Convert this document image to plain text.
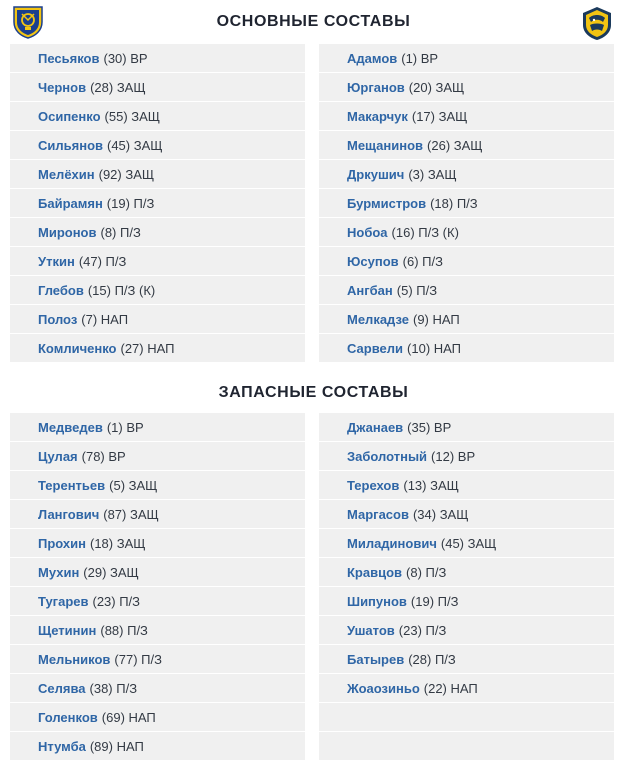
ОСНОВНЫЕ СОСТАВЫ
Песьяков (30) ВР
Чернов (28) ЗАЩ
Осипенко (55) ЗАЩ
Сильянов (45) ЗАЩ
Мелёхин (92) ЗАЩ
Байрамян (19) П/З
Миронов (8) П/З
Уткин (47) П/З
Глебов (15) П/З (К)
Полоз (7) НАП
Комличенко (27) НАП
Адамов (1) ВР
Юрганов (20) ЗАЩ
Макарчук (17) ЗАЩ
Мещанинов (26) ЗАЩ
Дркушич (3) ЗАЩ
Бурмистров (18) П/З
Нобоа (16) П/З (К)
Юсупов (6) П/З
Ангбан (5) П/З
Мелкадзе (9) НАП
Сарвели (10) НАП
ЗАПАСНЫЕ СОСТАВЫ
Медведев (1) ВР
Цулая (78) ВР
Терентьев (5) ЗАЩ
Лангович (87) ЗАЩ
Прохин (18) ЗАЩ
Мухин (29) ЗАЩ
Тугарев (23) П/З
Щетинин (88) П/З
Мельников (77) П/З
Селява (38) П/З
Голенков (69) НАП
Нтумба (89) НАП
Джанаев (35) ВР
Заболотный (12) ВР
Терехов (13) ЗАЩ
Маргасов (34) ЗАЩ
Миладинович (45) ЗАЩ
Кравцов (8) П/З
Шипунов (19) П/З
Ушатов (23) П/З
Батырев (28) П/З
Жоаозиньо (22) НАП
